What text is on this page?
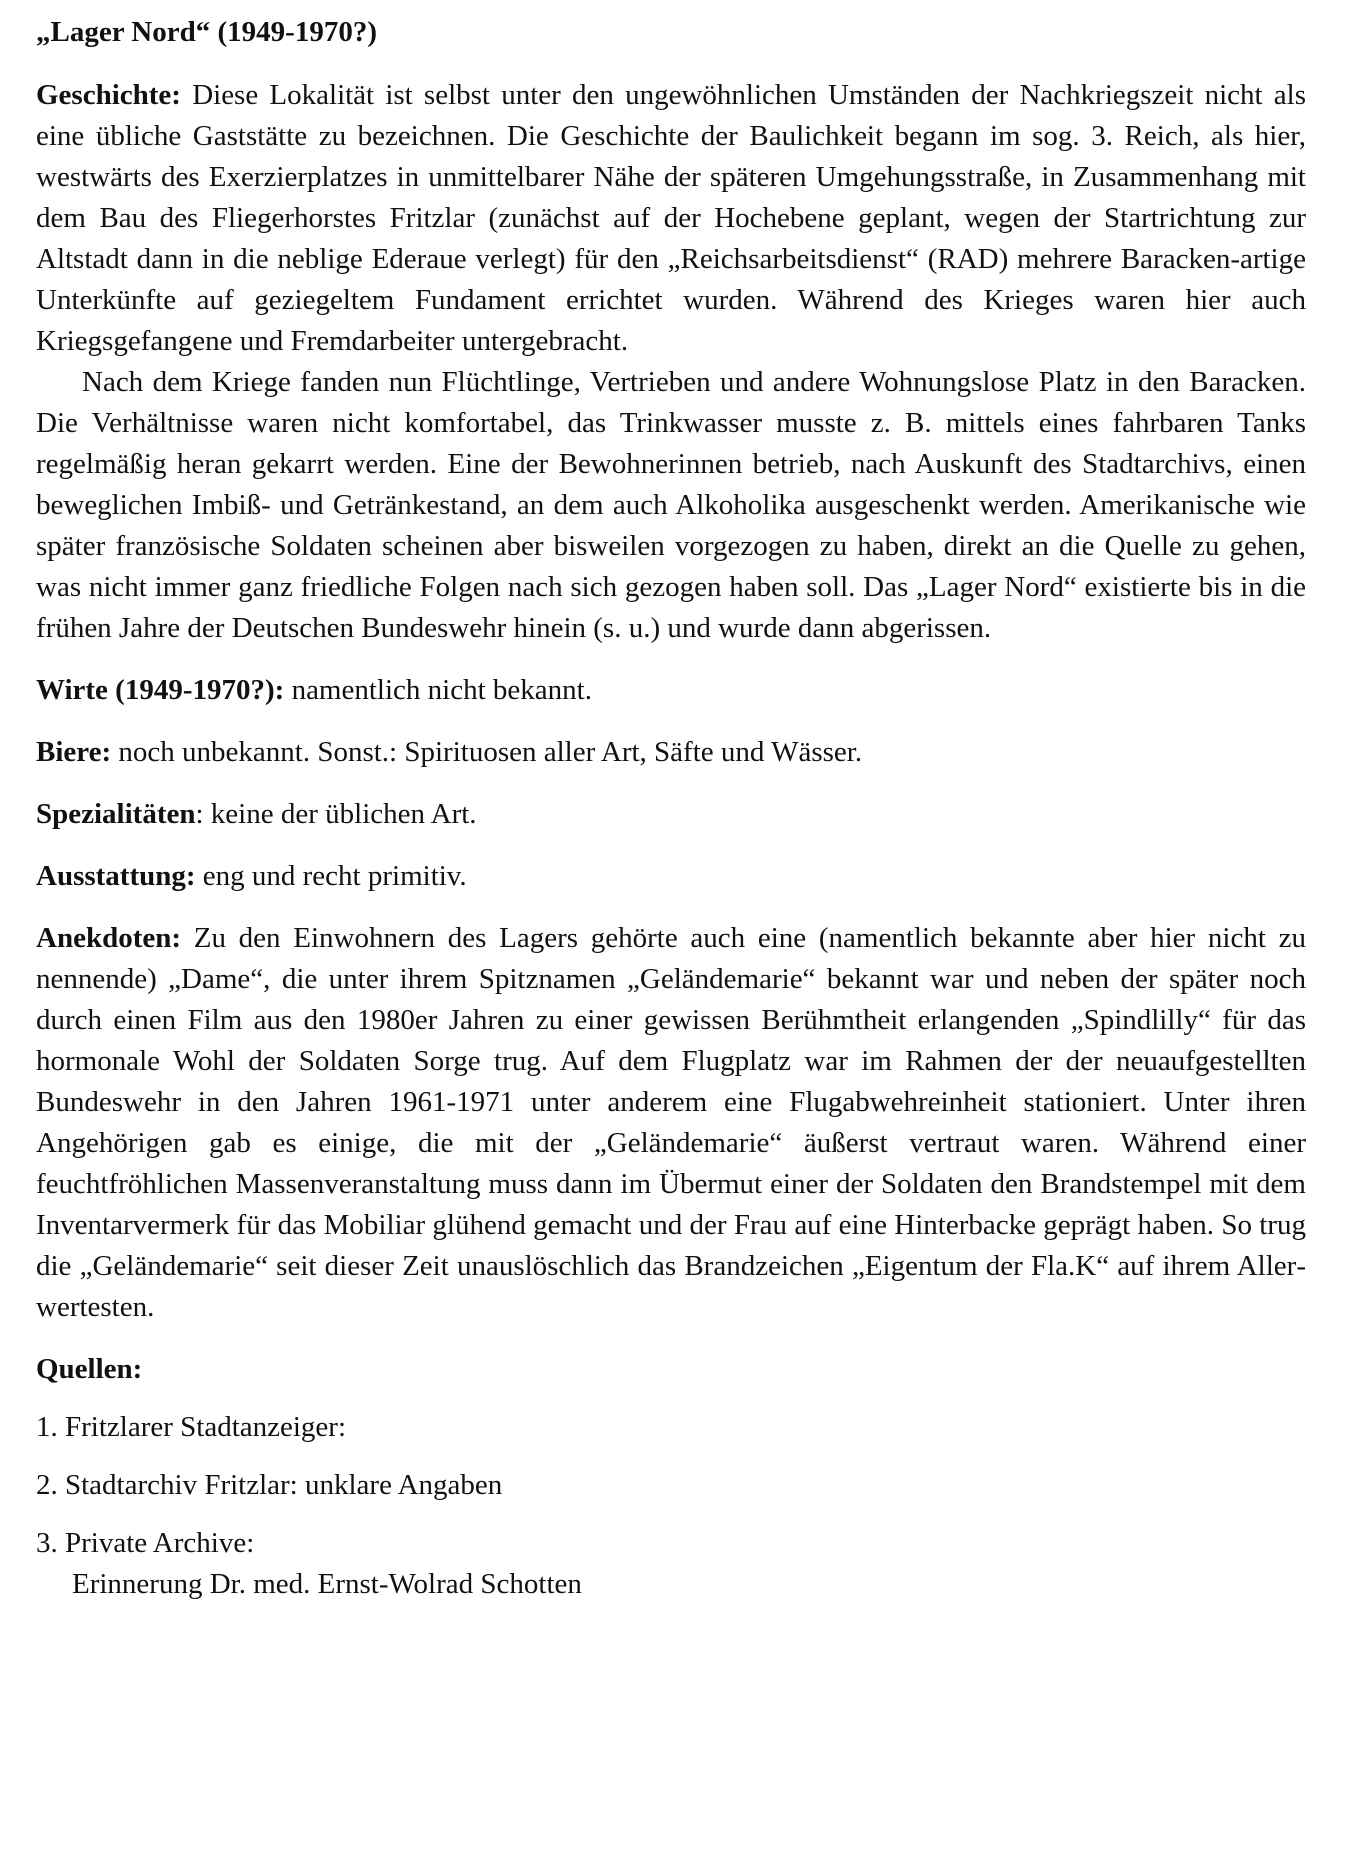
„Lager Nord“ (1949-1970?)

Geschichte: Diese Lokalität ist selbst unter den ungewöhnlichen Umständen der Nachkriegszeit nicht als eine übliche Gaststätte zu bezeichnen. Die Geschichte der Baulichkeit begann im sog. 3. Reich, als hier, westwärts des Exerzierplatzes in unmittelbarer Nähe der späteren Umgehungsstraße, in Zusammenhang mit dem Bau des Fliegerhorstes Fritzlar (zunächst auf der Hochebene geplant, wegen der Startrichtung zur Altstadt dann in die neblige Ederaue verlegt) für den „Reichsarbeitsdienst“ (RAD) mehrere Baracken-artige Unterkünfte auf geziegeltem Fundament errichtet wurden. Während des Krieges waren hier auch Kriegsgefangene und Fremdarbeiter untergebracht.

Nach dem Kriege fanden nun Flüchtlinge, Vertrieben und andere Wohnungslose Platz in den Baracken. Die Verhältnisse waren nicht komfortabel, das Trinkwasser musste z. B. mittels eines fahrbaren Tanks regelmäßig heran gekarrt werden. Eine der Bewohnerinnen betrieb, nach Auskunft des Stadtarchivs, einen beweglichen Imbiß- und Getränkestand, an dem auch Alkoholika ausgeschenkt werden. Amerikanische wie später französische Soldaten scheinen aber bisweilen vorgezogen zu haben, direkt an die Quelle zu gehen, was nicht immer ganz friedliche Folgen nach sich gezogen haben soll. Das „Lager Nord“ existierte bis in die frühen Jahre der Deutschen Bundeswehr hinein (s. u.) und wurde dann abgerissen.

Wirte (1949-1970?): namentlich nicht bekannt.

Biere: noch unbekannt. Sonst.: Spirituosen aller Art, Säfte und Wässer.

Spezialitäten: keine der üblichen Art.

Ausstattung: eng und recht primitiv.

Anekdoten: Zu den Einwohnern des Lagers gehörte auch eine (namentlich bekannte aber hier nicht zu nennende) „Dame“, die unter ihrem Spitznamen „Geländemarie“ bekannt war und neben der später noch durch einen Film aus den 1980er Jahren zu einer gewissen Berühmtheit erlangenden „Spindlilly“ für das hormonale Wohl der Soldaten Sorge trug. Auf dem Flugplatz war im Rahmen der der neuaufgestellten Bundeswehr in den Jahren 1961-1971 unter anderem eine Flugabwehreinheit stationiert. Unter ihren Angehörigen gab es einige, die mit der „Geländemarie“ äußerst vertraut waren. Während einer feuchtfröhlichen Massenveranstaltung muss dann im Übermut einer der Soldaten den Brandstempel mit dem Inventarvermerk für das Mobiliar glühend gemacht und der Frau auf eine Hinterbacke geprägt haben. So trug die „Geländemarie“ seit dieser Zeit unauslöschlich das Brandzeichen „Eigentum der Fla.K“ auf ihrem Allerwertesten.

Quellen:

1. Fritzlarer Stadtanzeiger:

2. Stadtarchiv Fritzlar: unklare Angaben

3. Private Archive:

Erinnerung Dr. med. Ernst-Wolrad Schotten
